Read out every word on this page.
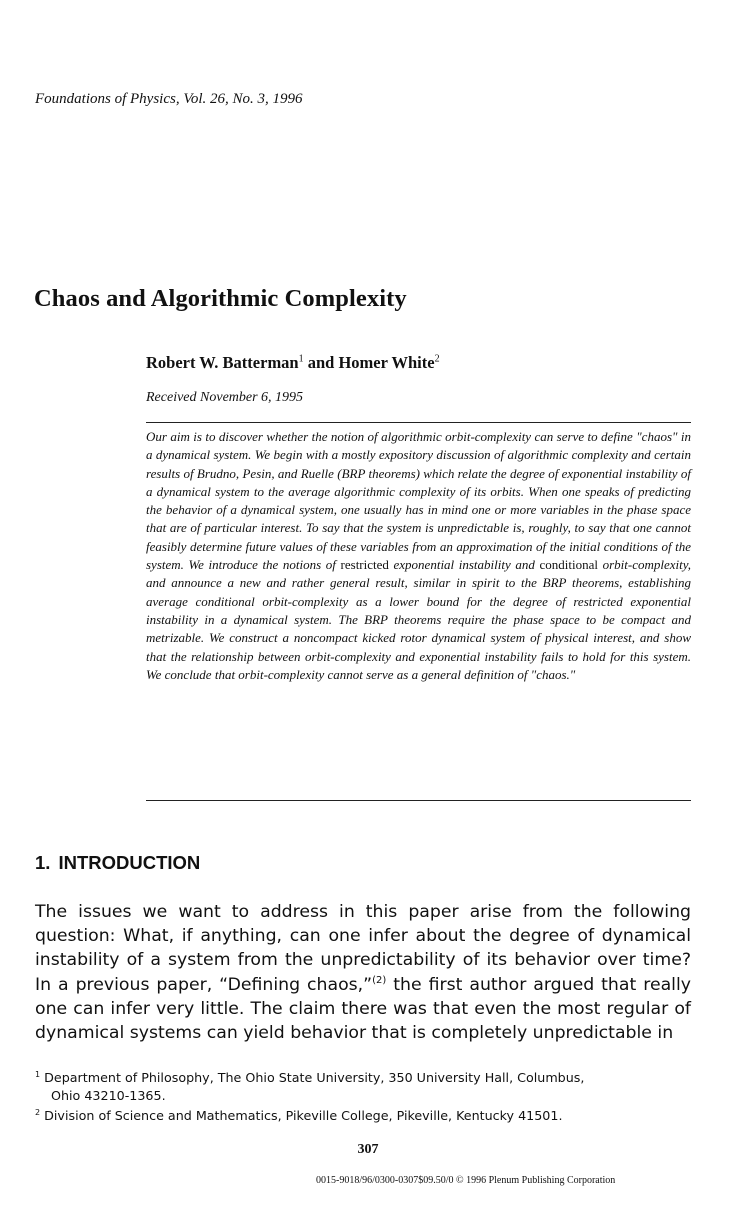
Foundations of Physics, Vol. 26, No. 3, 1996
Chaos and Algorithmic Complexity
Robert W. Batterman$^1$ and Homer White$^2$
Received November 6, 1995

Our aim is to discover whether the notion of algorithmic orbit-complexity can serve to define "chaos" in a dynamical system. We begin with a mostly expository discussion of algorithmic complexity and certain results of Brudno, Pesin, and Ruelle (BRP theorems) which relate the degree of exponential instability of a dynamical system to the average algorithmic complexity of its orbits. When one speaks of predicting the behavior of a dynamical system, one usually has in mind one or more variables in the phase space that are of particular interest. To say that the system is unpredictable is, roughly, to say that one cannot feasibly determine future values of these variables from an approximation of the initial conditions of the system. We introduce the notions of restricted exponential instability and conditional orbit-complexity, and announce a new and rather general result, similar in spirit to the BRP theorems, establishing average conditional orbit-complexity as a lower bound for the degree of restricted exponential instability in a dynamical system. The BRP theorems require the phase space to be compact and metrizable. We construct a noncompact kicked rotor dynamical system of physical interest, and show that the relationship between orbit-complexity and exponential instability fails to hold for this system. We conclude that orbit-complexity cannot serve as a general definition of "chaos."

1. INTRODUCTION

The issues we want to address in this paper arise from the following question: What, if anything, can one infer about the degree of dynamical instability of a system from the unpredictability of its behavior over time? In a previous paper, “Defining chaos,”$^{(2)}$ the first author argued that really one can infer very little. The claim there was that even the most regular of dynamical systems can yield behavior that is completely unpredictable in

$^1$ Department of Philosophy, The Ohio State University, 350 University Hall, Columbus,
Ohio 43210-1365.

$^2$ Division of Science and Mathematics, Pikeville College, Pikeville, Kentucky 41501.

307
0015-9018/96/0300-0307$09.50/0 © 1996 Plenum Publishing Corporation
